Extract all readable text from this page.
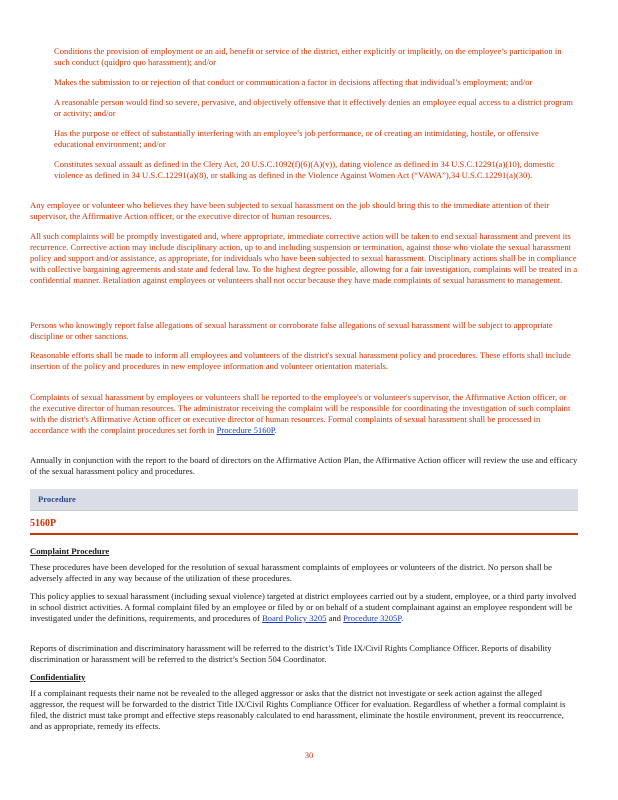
Conditions the provision of employment or an aid, benefit or service of the district, either explicitly or implicitly, on the employee’s participation in such conduct (quidpro quo harassment); and/or
Makes the submission to or rejection of that conduct or communication a factor in decisions affecting that individual’s employment; and/or
A reasonable person would find so severe, pervasive, and objectively offensive that it effectively denies an employee equal access to a district program or activity; and/or
Has the purpose or effect of substantially interfering with an employee’s job performance, or of creating an intimidating, hostile, or offensive educational environment; and/or
Constitutes sexual assault as defined in the Clery Act, 20 U.S.C.1092(f)(6)(A)(v)), dating violence as defined in 34 U.S.C.12291(a)(10), domestic violence as defined in 34 U.S.C.12291(a)(8), or stalking as defined in the Violence Against Women Act (“VAWA”),34 U.S.C.12291(a)(30).

Any employee or volunteer who believes they have been subjected to sexual harassment on the job should bring this to the immediate attention of their supervisor, the Affirmative Action officer, or the executive director of human resources.

All such complaints will be promptly investigated and, where appropriate, immediate corrective action will be taken to end sexual harassment and prevent its recurrence. Corrective action may include disciplinary action, up to and including suspension or termination, against those who violate the sexual harassment policy and support and/or assistance, as appropriate, for individuals who have been subjected to sexual harassment. Disciplinary actions shall be in compliance with collective bargaining agreements and state and federal law. To the highest degree possible, allowing for a fair investigation, complaints will be treated in a confidential manner. Retaliation against employees or volunteers shall not occur because they have made complaints of sexual harassment to management.

Persons who knowingly report false allegations of sexual harassment or corroborate false allegations of sexual harassment will be subject to appropriate discipline or other sanctions.

Reasonable efforts shall be made to inform all employees and volunteers of the district's sexual harassment policy and procedures. These efforts shall include insertion of the policy and procedures in new employee information and volunteer orientation materials.

Complaints of sexual harassment by employees or volunteers shall be reported to the employee's or volunteer's supervisor, the Affirmative Action officer, or the executive director of human resources. The administrator receiving the complaint will be responsible for coordinating the investigation of such complaint with the district's Affirmative Action officer or executive director of human resources. Formal complaints of sexual harassment shall be processed in accordance with the complaint procedures set forth in Procedure 5160P.

Annually in conjunction with the report to the board of directors on the Affirmative Action Plan, the Affirmative Action officer will review the use and efficacy of the sexual harassment policy and procedures.

Procedure
5160P
Complaint Procedure

These procedures have been developed for the resolution of sexual harassment complaints of employees or volunteers of the district. No person shall be adversely affected in any way because of the utilization of these procedures.

This policy applies to sexual harassment (including sexual violence) targeted at district employees carried out by a student, employee, or a third party involved in school district activities. A formal complaint filed by an employee or filed by or on behalf of a student complainant against an employee respondent will be investigated under the definitions, requirements, and procedures of Board Policy 3205 and Procedure 3205P.

Reports of discrimination and discriminatory harassment will be referred to the district’s Title IX/Civil Rights Compliance Officer. Reports of disability discrimination or harassment will be referred to the district’s Section 504 Coordinator.

Confidentiality

If a complainant requests their name not be revealed to the alleged aggressor or asks that the district not investigate or seek action against the alleged aggressor, the request will be forwarded to the district Title IX/Civil Rights Compliance Officer for evaluation. Regardless of whether a formal complaint is filed, the district must take prompt and effective steps reasonably calculated to end harassment, eliminate the hostile environment, prevent its reoccurrence, and as appropriate, remedy its effects.

30
